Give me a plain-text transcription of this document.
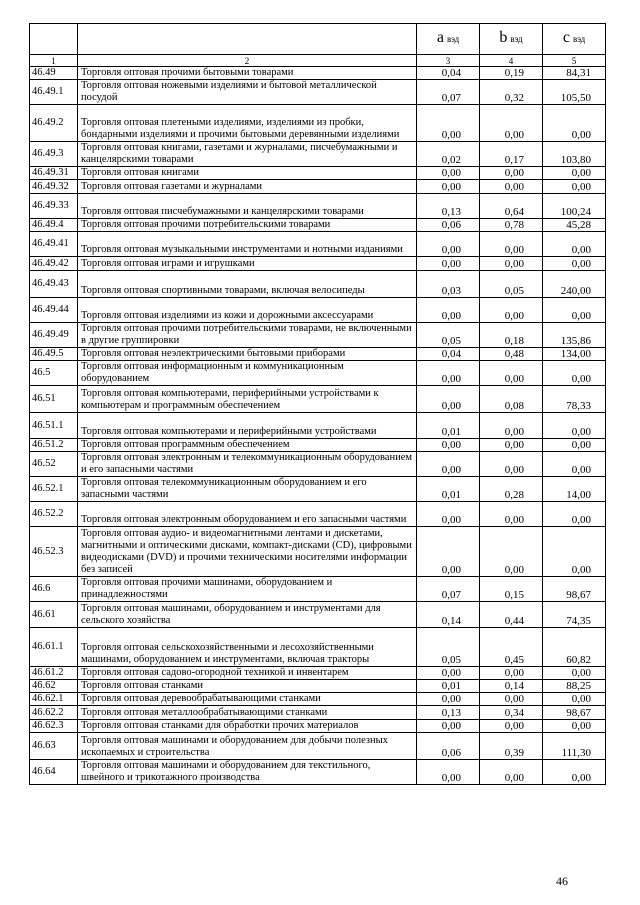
		a вэд	b вэд	c вэд
1	2	3	4	5
46.49	Торговля оптовая прочими бытовыми товарами	0,04	0,19	84,31
46.49.1	Торговля оптовая ножевыми изделиями и бытовой металлической посудой	0,07	0,32	105,50
46.49.2	Торговля оптовая плетеными изделиями, изделиями из пробки, бондарными изделиями и прочими бытовыми деревянными изделиями	0,00	0,00	0,00
46.49.3	Торговля оптовая книгами, газетами и журналами, писчебумажными и канцелярскими товарами	0,02	0,17	103,80
46.49.31	Торговля оптовая книгами	0,00	0,00	0,00
46.49.32	Торговля оптовая газетами и журналами	0,00	0,00	0,00
46.49.33	Торговля оптовая писчебумажными и канцелярскими товарами	0,13	0,64	100,24
46.49.4	Торговля оптовая прочими потребительскими товарами	0,06	0,78	45,28
46.49.41	Торговля оптовая музыкальными инструментами и нотными изданиями	0,00	0,00	0,00
46.49.42	Торговля оптовая играми и игрушками	0,00	0,00	0,00
46.49.43	Торговля оптовая спортивными товарами, включая велосипеды	0,03	0,05	240,00
46.49.44	Торговля оптовая изделиями из кожи и дорожными аксессуарами	0,00	0,00	0,00
46.49.49	Торговля оптовая прочими потребительскими товарами, не включенными в другие группировки	0,05	0,18	135,86
46.49.5	Торговля оптовая неэлектрическими бытовыми приборами	0,04	0,48	134,00
46.5	Торговля оптовая информационным и коммуникационным оборудованием	0,00	0,00	0,00
46.51	Торговля оптовая компьютерами, периферийными устройствами к компьютерам и программным обеспечением	0,00	0,08	78,33
46.51.1	Торговля оптовая компьютерами и периферийными устройствами	0,01	0,00	0,00
46.51.2	Торговля оптовая программным обеспечением	0,00	0,00	0,00
46.52	Торговля оптовая электронным и телекоммуникационным оборудованием и его запасными частями	0,00	0,00	0,00
46.52.1	Торговля оптовая телекоммуникационным оборудованием и его запасными частями	0,01	0,28	14,00
46.52.2	Торговля оптовая электронным оборудованием и его запасными частями	0,00	0,00	0,00
46.52.3	Торговля оптовая аудио- и видеомагнитными лентами и дискетами, магнитными и оптическими дисками, компакт-дисками (CD), цифровыми видеодисками (DVD) и прочими техническими носителями информации без записей	0,00	0,00	0,00
46.6	Торговля оптовая прочими машинами, оборудованием и принадлежностями	0,07	0,15	98,67
46.61	Торговля оптовая машинами, оборудованием и инструментами для сельского хозяйства	0,14	0,44	74,35
46.61.1	Торговля оптовая сельскохозяйственными и лесохозяйственными машинами, оборудованием и инструментами, включая тракторы	0,05	0,45	60,82
46.61.2	Торговля оптовая садово-огородной техникой и инвентарем	0,00	0,00	0,00
46.62	Торговля оптовая станками	0,01	0,14	88,25
46.62.1	Торговля оптовая деревообрабатывающими станками	0,00	0,00	0,00
46.62.2	Торговля оптовая металлообрабатывающими станками	0,13	0,34	98,67
46.62.3	Торговля оптовая станками для обработки прочих материалов	0,00	0,00	0,00
46.63	Торговля оптовая машинами и оборудованием для добычи полезных ископаемых и строительства	0,06	0,39	111,30
46.64	Торговля оптовая машинами и оборудованием для текстильного, швейного и трикотажного производства	0,00	0,00	0,00
46
